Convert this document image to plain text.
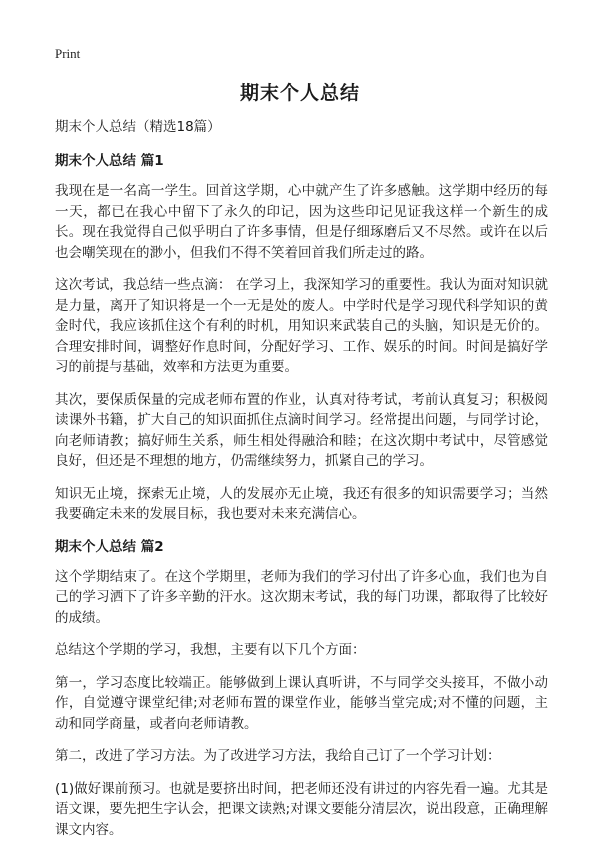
Print
期末个人总结

期末个人总结（精选18篇）

期末个人总结 篇1

我现在是一名高一学生。回首这学期，心中就产生了许多感触。这学期中经历的每一天，都已在我心中留下了永久的印记，因为这些印记见证我这样一个新生的成长。现在我觉得自己似乎明白了许多事情，但是仔细琢磨后又不尽然。或许在以后也会嘲笑现在的渺小，但我们不得不笑着回首我们所走过的路。

这次考试，我总结一些点滴： 在学习上，我深知学习的重要性。我认为面对知识就是力量，离开了知识将是一个一无是处的废人。中学时代是学习现代科学知识的黄金时代，我应该抓住这个有利的时机，用知识来武装自己的头脑，知识是无价的。合理安排时间，调整好作息时间，分配好学习、工作、娱乐的时间。时间是搞好学习的前提与基础，效率和方法更为重要。

其次，要保质保量的完成老师布置的作业，认真对待考试，考前认真复习；积极阅读课外书籍，扩大自己的知识面抓住点滴时间学习。经常提出问题，与同学讨论，向老师请教；搞好师生关系，师生相处得融洽和睦；在这次期中考试中，尽管感觉良好，但还是不理想的地方，仍需继续努力，抓紧自己的学习。

知识无止境，探索无止境，人的发展亦无止境，我还有很多的知识需要学习；当然我要确定未来的发展目标，我也要对未来充满信心。

期末个人总结 篇2

这个学期结束了。在这个学期里，老师为我们的学习付出了许多心血，我们也为自己的学习洒下了许多辛勤的汗水。这次期末考试，我的每门功课，都取得了比较好的成绩。

总结这个学期的学习，我想，主要有以下几个方面：

第一，学习态度比较端正。能够做到上课认真听讲，不与同学交头接耳，不做小动作，自觉遵守课堂纪律;对老师布置的课堂作业，能够当堂完成;对不懂的问题，主动和同学商量，或者向老师请教。

第二，改进了学习方法。为了改进学习方法，我给自己订了一个学习计划：

(1)做好课前预习。也就是要挤出时间，把老师还没有讲过的内容先看一遍。尤其是语文课，要先把生字认会，把课文读熟;对课文要能分清层次，说出段意，正确理解课文内容。
